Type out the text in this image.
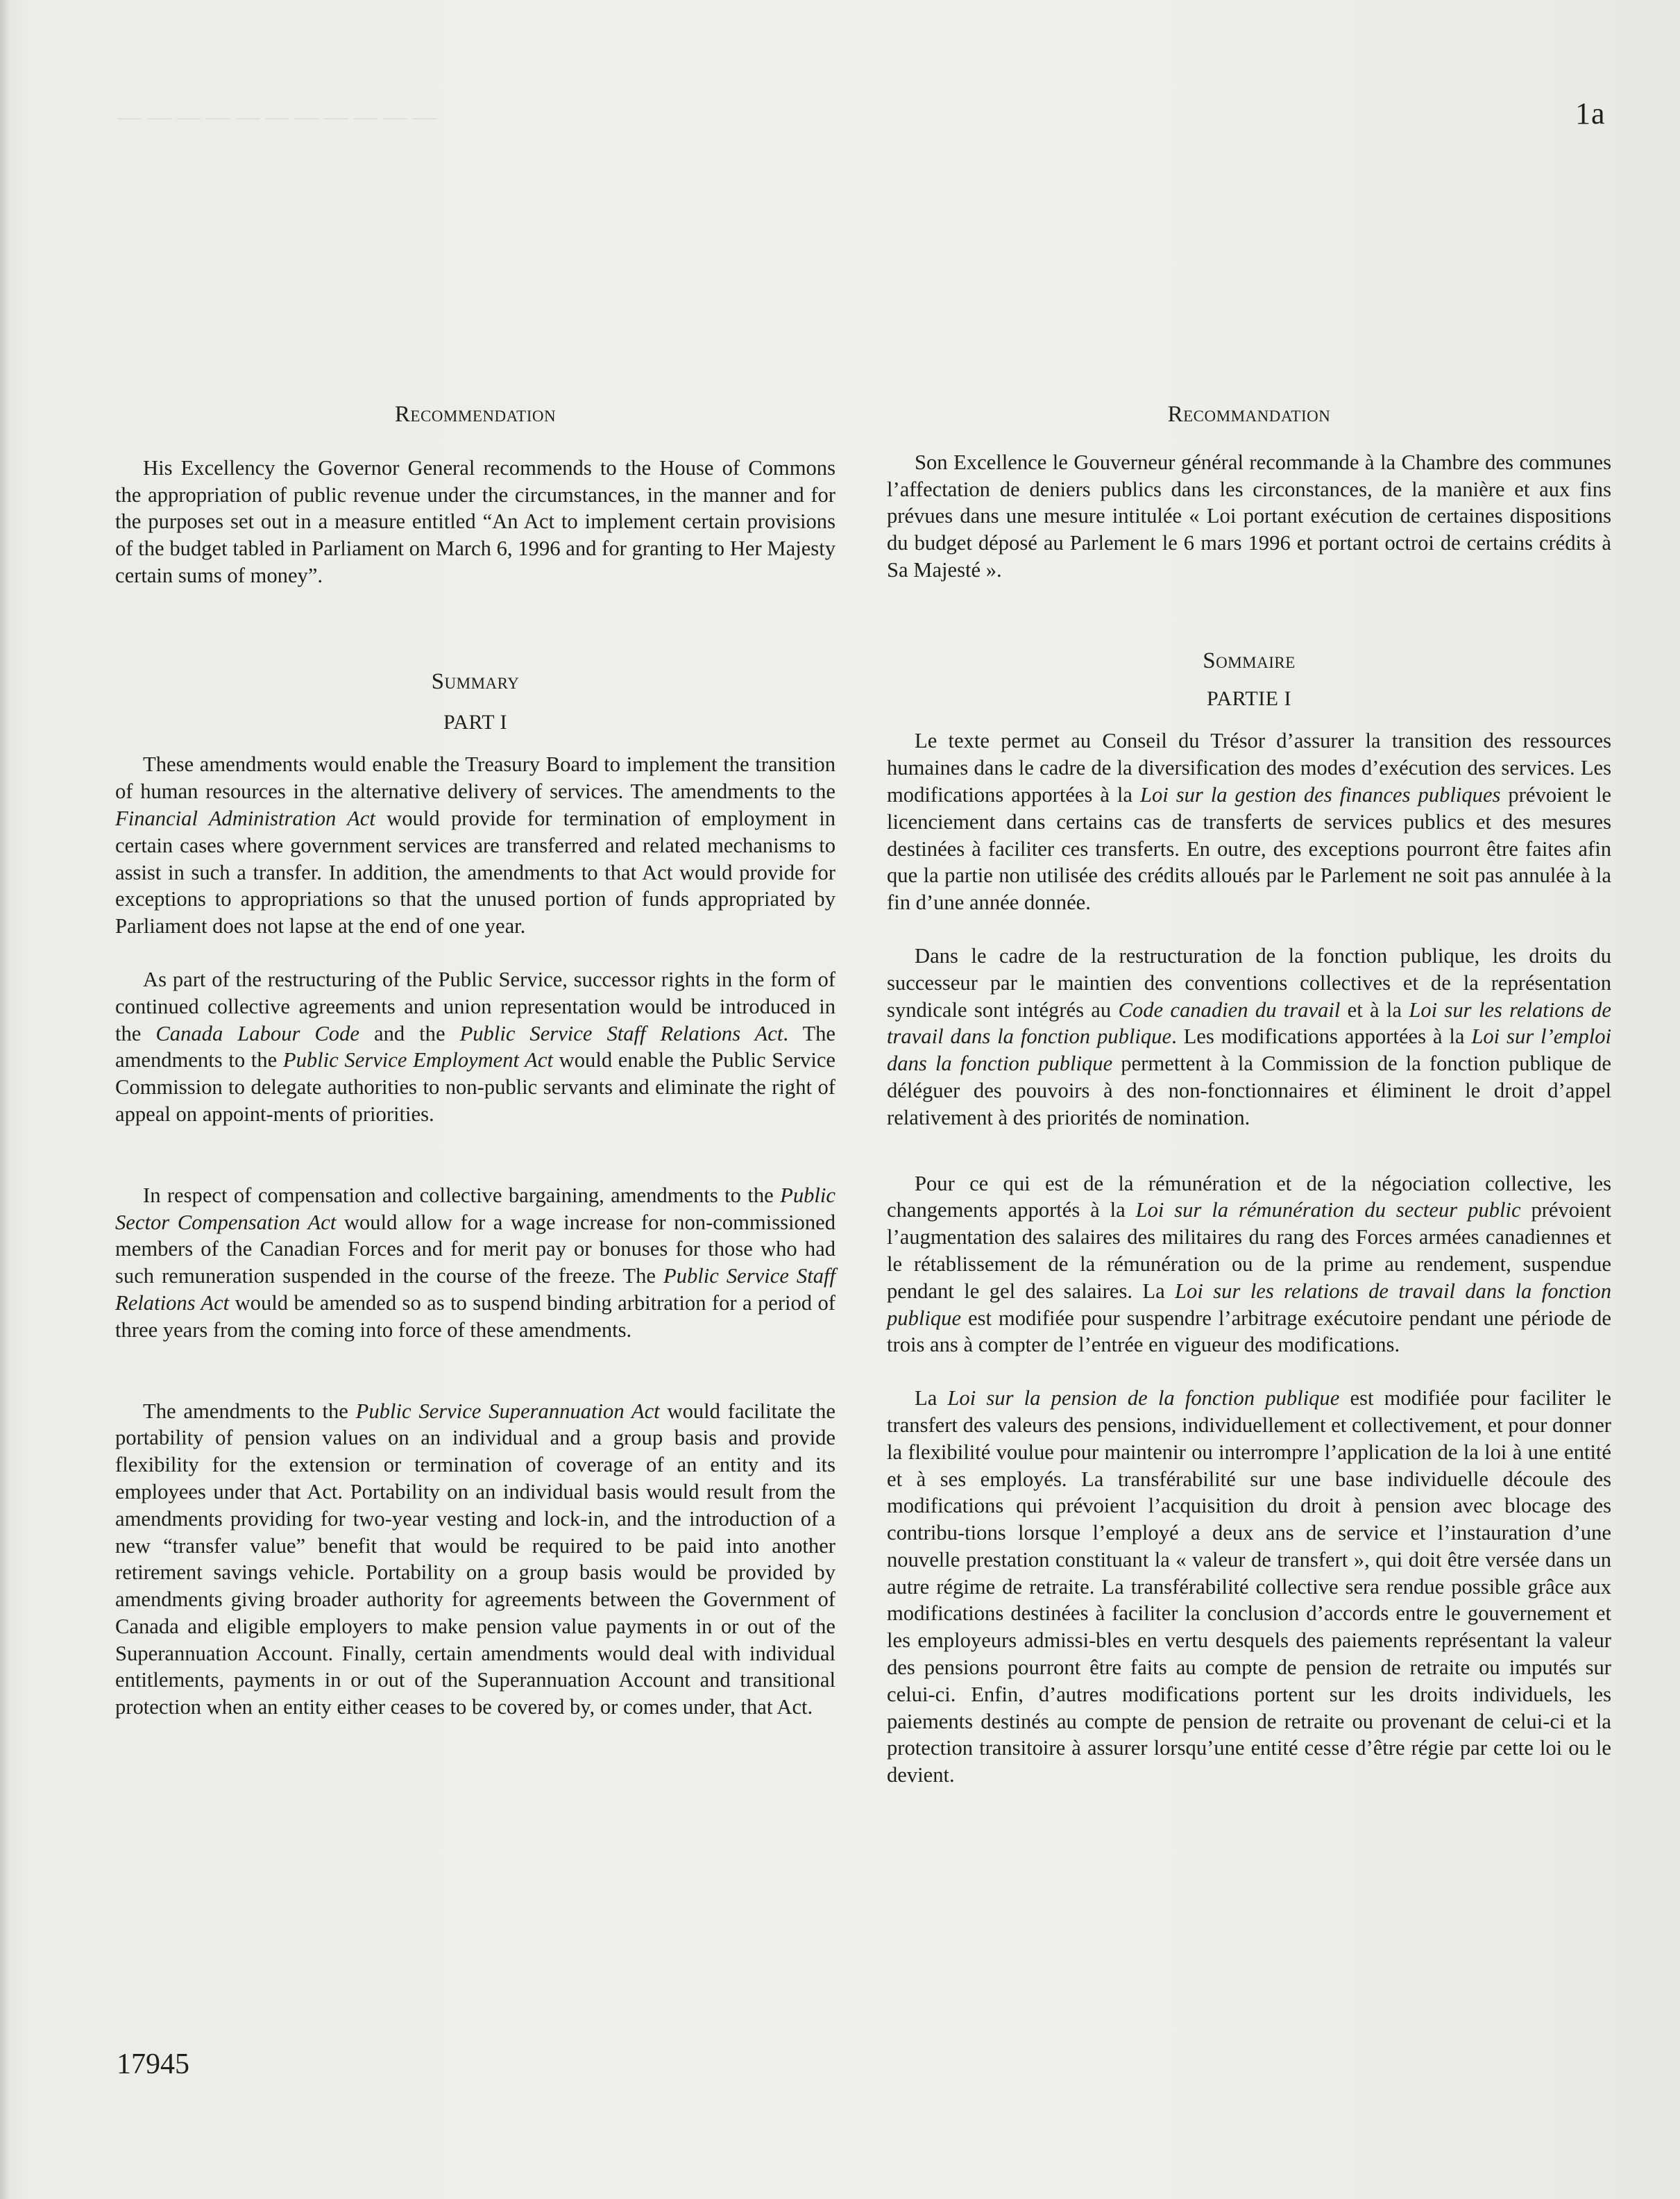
— — — — — — — — — — —	1a
Recommendation

His Excellency the Governor General recommends to the House of Commons the appropriation of public revenue under the circumstances, in the manner and for the purposes set out in a measure entitled “An Act to implement certain provisions of the budget tabled in Parliament on March 6, 1996 and for granting to Her Majesty certain sums of money”.

Summary
PART I

These amendments would enable the Treasury Board to implement the transition of human resources in the alternative delivery of services. The amendments to the Financial Administration Act would provide for termination of employment in certain cases where government services are transferred and related mechanisms to assist in such a transfer. In addition, the amendments to that Act would provide for exceptions to appropriations so that the unused portion of funds appropriated by Parliament does not lapse at the end of one year.

As part of the restructuring of the Public Service, successor rights in the form of continued collective agreements and union representation would be introduced in the Canada Labour Code and the Public Service Staff Relations Act. The amendments to the Public Service Employment Act would enable the Public Service Commission to delegate authorities to non-public servants and eliminate the right of appeal on appoint-ments of priorities.

In respect of compensation and collective bargaining, amendments to the Public Sector Compensation Act would allow for a wage increase for non-commissioned members of the Canadian Forces and for merit pay or bonuses for those who had such remuneration suspended in the course of the freeze. The Public Service Staff Relations Act would be amended so as to suspend binding arbitration for a period of three years from the coming into force of these amendments.

The amendments to the Public Service Superannuation Act would facilitate the portability of pension values on an individual and a group basis and provide flexibility for the extension or termination of coverage of an entity and its employees under that Act. Portability on an individual basis would result from the amendments providing for two-year vesting and lock-in, and the introduction of a new “transfer value” benefit that would be required to be paid into another retirement savings vehicle. Portability on a group basis would be provided by amendments giving broader authority for agreements between the Government of Canada and eligible employers to make pension value payments in or out of the Superannuation Account. Finally, certain amendments would deal with individual entitlements, payments in or out of the Superannuation Account and transitional protection when an entity either ceases to be covered by, or comes under, that Act.

Recommandation

Son Excellence le Gouverneur général recommande à la Chambre des communes l’affectation de deniers publics dans les circonstances, de la manière et aux fins prévues dans une mesure intitulée « Loi portant exécution de certaines dispositions du budget déposé au Parlement le 6 mars 1996 et portant octroi de certains crédits à Sa Majesté ».

Sommaire
PARTIE I

Le texte permet au Conseil du Trésor d’assurer la transition des ressources humaines dans le cadre de la diversification des modes d’exécution des services. Les modifications apportées à la Loi sur la gestion des finances publiques prévoient le licenciement dans certains cas de transferts de services publics et des mesures destinées à faciliter ces transferts. En outre, des exceptions pourront être faites afin que la partie non utilisée des crédits alloués par le Parlement ne soit pas annulée à la fin d’une année donnée.

Dans le cadre de la restructuration de la fonction publique, les droits du successeur par le maintien des conventions collectives et de la représentation syndicale sont intégrés au Code canadien du travail et à la Loi sur les relations de travail dans la fonction publique. Les modifications apportées à la Loi sur l’emploi dans la fonction publique permettent à la Commission de la fonction publique de déléguer des pouvoirs à des non-fonctionnaires et éliminent le droit d’appel relativement à des priorités de nomination.

Pour ce qui est de la rémunération et de la négociation collective, les changements apportés à la Loi sur la rémunération du secteur public prévoient l’augmentation des salaires des militaires du rang des Forces armées canadiennes et le rétablissement de la rémunération ou de la prime au rendement, suspendue pendant le gel des salaires. La Loi sur les relations de travail dans la fonction publique est modifiée pour suspendre l’arbitrage exécutoire pendant une période de trois ans à compter de l’entrée en vigueur des modifications.

La Loi sur la pension de la fonction publique est modifiée pour faciliter le transfert des valeurs des pensions, individuellement et collectivement, et pour donner la flexibilité voulue pour maintenir ou interrompre l’application de la loi à une entité et à ses employés. La transférabilité sur une base individuelle découle des modifications qui prévoient l’acquisition du droit à pension avec blocage des contribu-tions lorsque l’employé a deux ans de service et l’instauration d’une nouvelle prestation constituant la « valeur de transfert », qui doit être versée dans un autre régime de retraite. La transférabilité collective sera rendue possible grâce aux modifications destinées à faciliter la conclusion d’accords entre le gouvernement et les employeurs admissi-bles en vertu desquels des paiements représentant la valeur des pensions pourront être faits au compte de pension de retraite ou imputés sur celui-ci. Enfin, d’autres modifications portent sur les droits individuels, les paiements destinés au compte de pension de retraite ou provenant de celui-ci et la protection transitoire à assurer lorsqu’une entité cesse d’être régie par cette loi ou le devient.

17945
